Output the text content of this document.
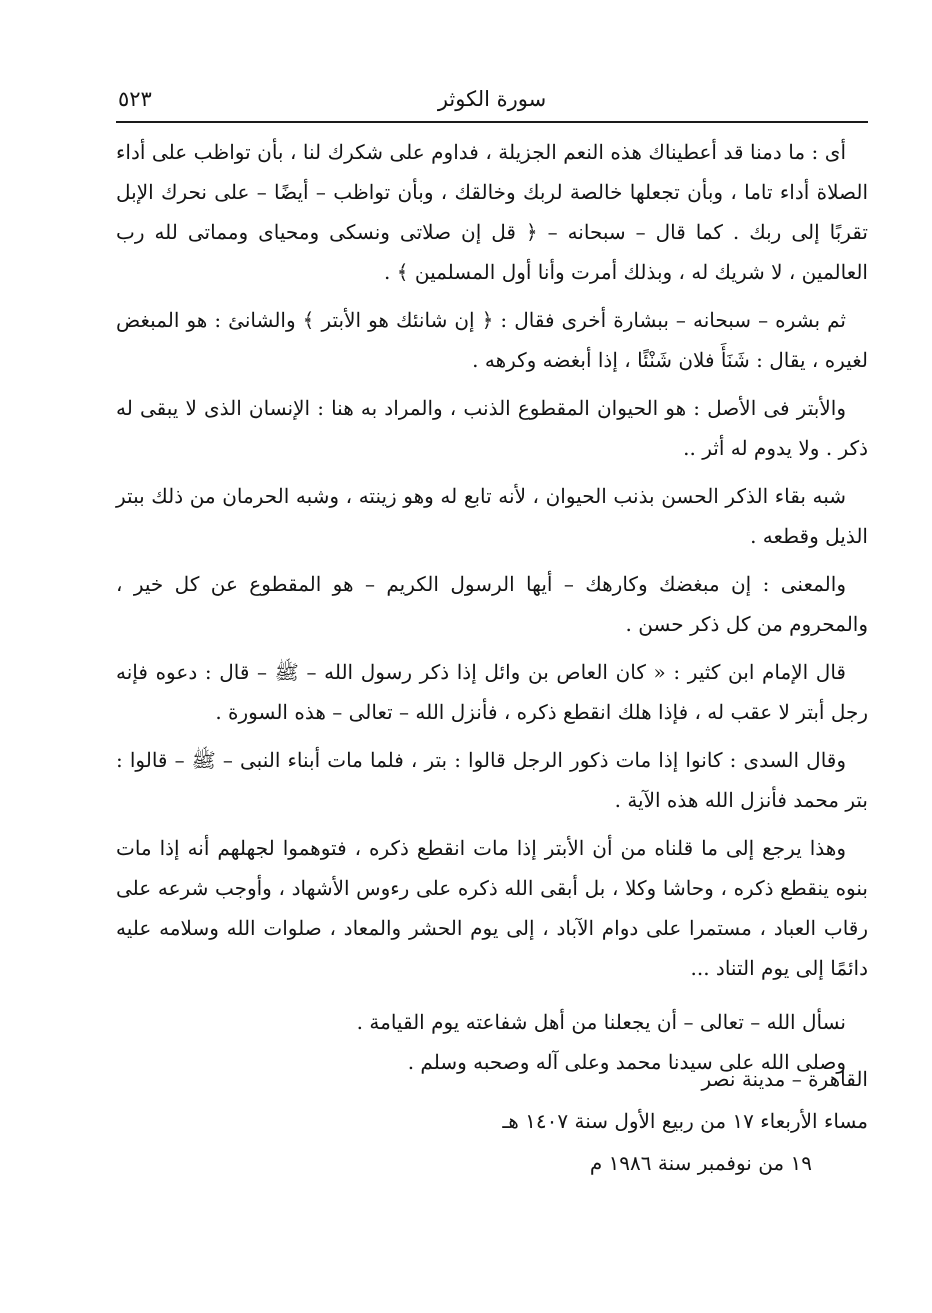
سورة الكوثر
٥٢٣

أى : ما دمنا قد أعطيناك هذه النعم الجزيلة ، فداوم على شكرك لنا ، بأن تواظب على أداء الصلاة أداء تاما ، وبأن تجعلها خالصة لربك وخالقك ، وبأن تواظب – أيضًا – على نحرك الإبل تقربًا إلى ربك . كما قال – سبحانه – ﴿ قل إن صلاتى ونسكى ومحياى ومماتى لله رب العالمين ، لا شريك له ، وبذلك أمرت وأنا أول المسلمين ﴾ .

ثم بشره – سبحانه – ببشارة أخرى فقال : ﴿ إن شانئك هو الأبتر ﴾ والشانئ : هو المبغض لغيره ، يقال : شَنَأَ فلان شَنْئًا ، إذا أبغضه وكرهه .

والأبتر فى الأصل : هو الحيوان المقطوع الذنب ، والمراد به هنا : الإنسان الذى لا يبقى له ذكر . ولا يدوم له أثر ..

شبه بقاء الذكر الحسن بذنب الحيوان ، لأنه تابع له وهو زينته ، وشبه الحرمان من ذلك ببتر الذيل وقطعه .

والمعنى : إن مبغضك وكارهك – أيها الرسول الكريم – هو المقطوع عن كل خير ، والمحروم من كل ذكر حسن .

قال الإمام ابن كثير : « كان العاص بن وائل إذا ذكر رسول الله – ﷺ – قال : دعوه فإنه رجل أبتر لا عقب له ، فإذا هلك انقطع ذكره ، فأنزل الله – تعالى – هذه السورة .

وقال السدى : كانوا إذا مات ذكور الرجل قالوا : بتر ، فلما مات أبناء النبى – ﷺ – قالوا : بتر محمد فأنزل الله هذه الآية .

وهذا يرجع إلى ما قلناه من أن الأبتر إذا مات انقطع ذكره ، فتوهموا لجهلهم أنه إذا مات بنوه ينقطع ذكره ، وحاشا وكلا ، بل أبقى الله ذكره على رءوس الأشهاد ، وأوجب شرعه على رقاب العباد ، مستمرا على دوام الآباد ، إلى يوم الحشر والمعاد ، صلوات الله وسلامه عليه دائمًا إلى يوم التناد ...

نسأل الله – تعالى – أن يجعلنا من أهل شفاعته يوم القيامة .

وصلى الله على سيدنا محمد وعلى آله وصحبه وسلم .

القاهرة – مدينة نصر

مساء الأربعاء ١٧ من ربيع الأول سنة ١٤٠٧ هـ

١٩ من نوفمبر سنة ١٩٨٦ م
